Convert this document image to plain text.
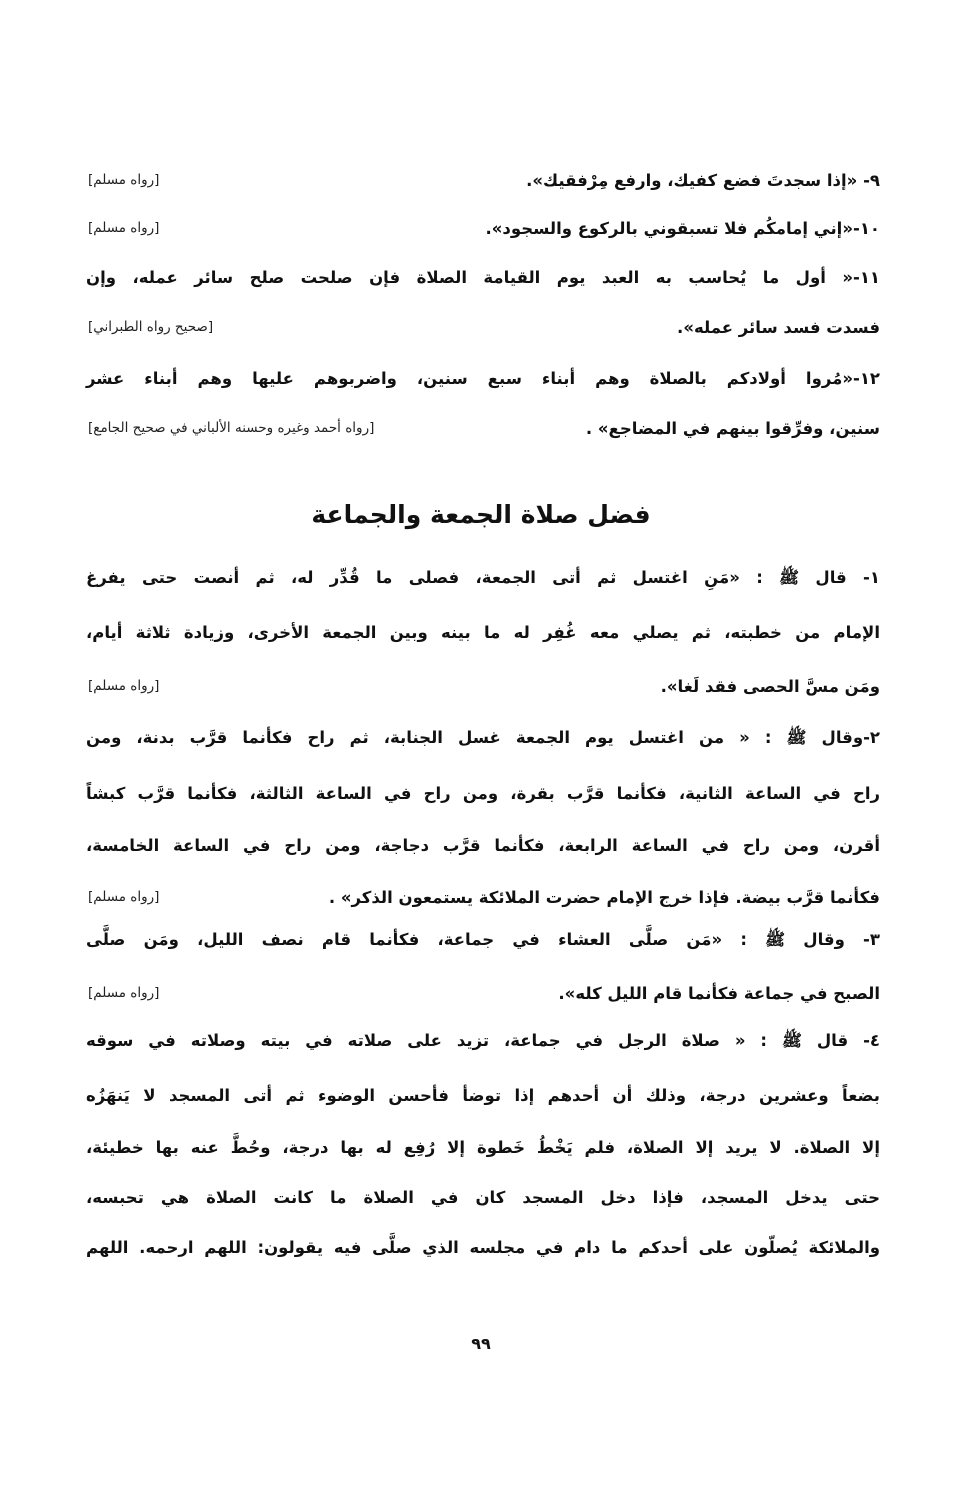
٩- «إذا سجدتَ فضع كفيك، وارفع مِرْفقيك».
[رواه مسلم]
١٠-«إني إمامكُم فلا تسبقوني بالركوع والسجود».
[رواه مسلم]
١١-« أول ما يُحاسب به العبد يوم القيامة الصلاة فإن صلحت صلح سائر عمله، وإن
فسدت فسد سائر عمله».
[صحيح رواه الطبراني]
١٢-«مُروا أولادكم بالصلاة وهم أبناء سبع سنين، واضربوهم عليها وهم أبناء عشر
سنين، وفرِّقوا بينهم في المضاجع» .
[رواه أحمد وغيره وحسنه الألباني في صحيح الجامع]
فضل صلاة الجمعة والجماعة
١- قال ﷺ : «مَنِ اغتسل ثم أتى الجمعة، فصلى ما قُدِّر له، ثم أنصت حتى يفرغ
الإمام من خطبته، ثم يصلي معه غُفِر له ما بينه وبين الجمعة الأخرى، وزيادة ثلاثة أيام،
ومَن مسَّ الحصى فقد لَغا».
[رواه مسلم]
٢-وقال ﷺ : « من اغتسل يوم الجمعة غسل الجنابة، ثم راح فكأنما قرَّب بدنة، ومن
راح في الساعة الثانية، فكأنما قرَّب بقرة، ومن راح في الساعة الثالثة، فكأنما قرَّب كبشاً
أقرن، ومن راح في الساعة الرابعة، فكأنما قرَّب دجاجة، ومن راح في الساعة الخامسة،
فكأنما قرَّب بيضة. فإذا خرج الإمام حضرت الملائكة يستمعون الذكر» .
[رواه مسلم]
٣- وقال ﷺ : «مَن صلَّى العشاء في جماعة، فكأنما قام نصف الليل، ومَن صلَّى
الصبح في جماعة فكأنما قام الليل كله».
[رواه مسلم]
٤- قال ﷺ : « صلاة الرجل في جماعة، تزيد على صلاته في بيته وصلاته في سوقه
بضعاً وعشرين درجة، وذلك أن أحدهم إذا توضأ فأحسن الوضوء ثم أتى المسجد لا يَنهَزُه
إلا الصلاة. لا يريد إلا الصلاة، فلم يَخْطُ خَطوة إلا رُفِع له بها درجة، وحُطَّ عنه بها خطيئة،
حتى يدخل المسجد، فإذا دخل المسجد كان في الصلاة ما كانت الصلاة هي تحبسه،
والملائكة يُصلّون على أحدكم ما دام في مجلسه الذي صلَّى فيه يقولون: اللهم ارحمه. اللهم
٩٩
